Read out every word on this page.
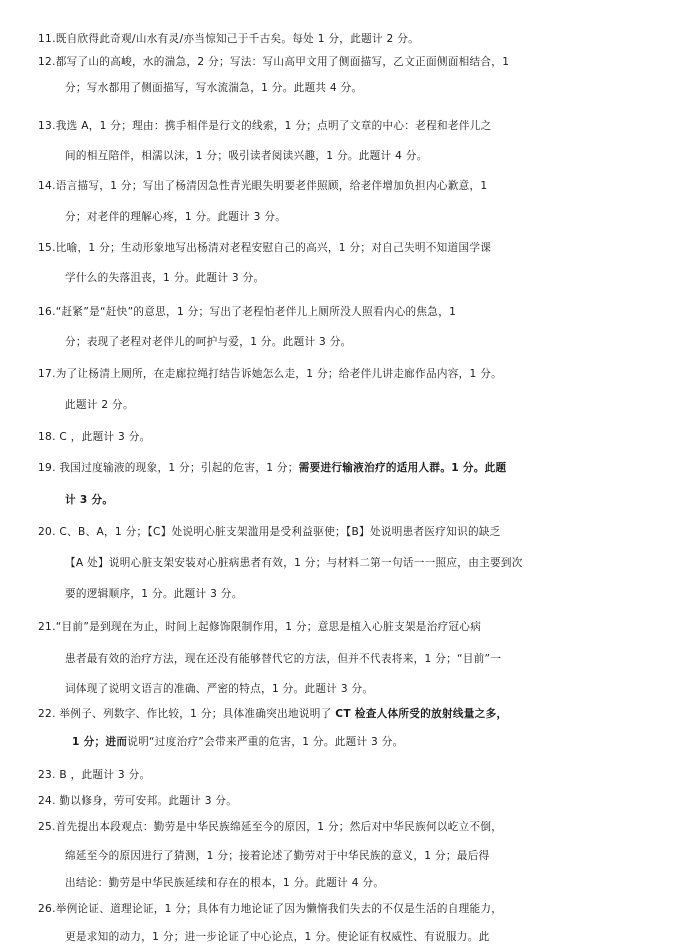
11.既自欣得此奇观/山水有灵/亦当惊知己于千古矣。每处 1 分，此题计 2 分。
12.都写了山的高峻，水的湍急，2 分；写法：写山高甲文用了侧面描写，乙文正面侧面相结合，1
分；写水都用了侧面描写，写水流湍急，1 分。此题共 4 分。
13.我选 A，1 分；理由：携手相伴是行文的线索，1 分；点明了文章的中心：老程和老伴儿之
间的相互陪伴，相濡以沫，1 分；吸引读者阅读兴趣，1 分。此题计 4 分。
14.语言描写，1 分；写出了杨清因急性青光眼失明要老伴照顾，给老伴增加负担内心歉意，1
分；对老伴的理解心疼，1 分。此题计 3 分。
15.比喻，1 分；生动形象地写出杨清对老程安慰自己的高兴，1 分；对自己失明不知道国学课
学什么的失落沮丧，1 分。此题计 3 分。
16.“赶紧”是“赶快”的意思，1 分；写出了老程怕老伴儿上厕所没人照看内心的焦急，1
分；表现了老程对老伴儿的呵护与爱，1 分。此题计 3 分。
17.为了让杨清上厕所，在走廊拉绳打结告诉她怎么走，1 分；给老伴儿讲走廊作品内容，1 分。
此题计 2 分。
18. C ，此题计 3 分。
19. 我国过度输液的现象，1 分；引起的危害，1 分；需要进行输液治疗的适用人群。1 分。此题
计 3 分。
20. C、B、A，1 分；【C】处说明心脏支架滥用是受利益驱使；【B】处说明患者医疗知识的缺乏
【A 处】说明心脏支架安装对心脏病患者有效，1 分；与材料二第一句话一一照应，由主要到次
要的逻辑顺序，1 分。此题计 3 分。
21.“目前”是到现在为止，时间上起修饰限制作用，1 分；意思是植入心脏支架是治疗冠心病
患者最有效的治疗方法，现在还没有能够替代它的方法，但并不代表将来，1 分；“目前”一
词体现了说明文语言的准确、严密的特点，1 分。此题计 3 分。
22. 举例子、列数字、作比较，1 分；具体准确突出地说明了 CT 检查人体所受的放射线量之多，
1 分；进而说明“过度治疗”会带来严重的危害，1 分。此题计 3 分。
23. B ，此题计 3 分。
24. 勤以修身，劳可安邦。此题计 3 分。
25.首先提出本段观点：勤劳是中华民族绵延至今的原因，1 分；然后对中华民族何以屹立不倒，
绵延至今的原因进行了猜测，1 分；接着论述了勤劳对于中华民族的意义，1 分；最后得
出结论：勤劳是中华民族延续和存在的根本，1 分。此题计 4 分。
26.举例论证、道理论证，1 分；具体有力地论证了因为懒惰我们失去的不仅是生活的自理能力，
更是求知的动力，1 分；进一步论证了中心论点，1 分。使论证有权威性、有说服力。此
